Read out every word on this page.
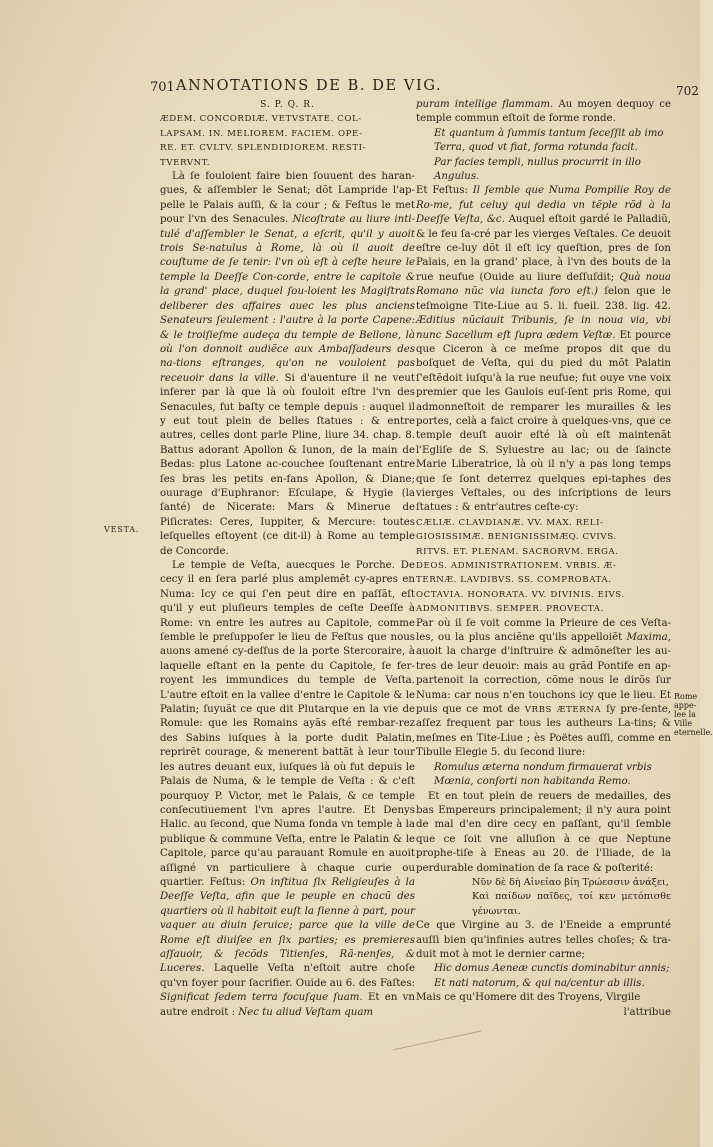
701 ANNOTATIONS DE B. DE VIG.	702

S. P. Q. R.

ÆDEM. CONCORDIÆ. VETVSTATE. COL-

LAPSAM. IN. MELIOREM. FACIEM. OPE-

RE. ET. CVLTV. SPLENDIDIOREM. RESTI-

TVERVNT.

Là ſe fouloient faire bien ſouuent des haran-gues, & aſſembler le Senat; dõt Lampride l'ap-pelle le Palais auſſi, & la cour ; & Feſtus le met pour l'vn des Senacules. Nicoſtrate au liure inti-tulé d'aſſembler le Senat, a eſcrit, qu'il y auoit trois Se-natulus à Rome, là où il auoit de couſtume de ſe tenir: l'vn où eſt à ceſte heure le temple la Deeſſe Con-corde, entre le capitole & la grand' place, duquel ſou-loient les Magiſtrats deliberer des affaires auec les plus anciens Senateurs ſeulement : l'autre à la porte Capene: & le troiſieſme audeça du temple de Bellone, là où l'on donnoit audiẽce aux Ambaſſadeurs des na-tions eſtranges, qu'on ne vouloient pas receuoir dans la ville. Si d'auenture il ne veut inferer par là que là où fouloit eſtre l'vn des Senacules, fut baſty ce temple depuis : auquel il y eut tout plein de belles ſtatues : & entre autres, celles dont parle Pline, liure 34. chap. 8. Battus adorant Apollon & Iunon, de la main de Bedas: plus Latone ac-couchee ſouſtenant entre ſes bras les petits en-fans Apollon, & Diane; ouurage d'Euphranor: Eſculape, & Hygie (la ſanté) de Nicerate: Mars & Minerue de Piſicrates: Ceres, Iuppiter, & Mercure: toutes leſquelles eſtoyent (ce dit-il) à Rome au temple de Concorde.

Le temple de Veſta, auecques le Porche. De cecy il en ſera parlé plus amplemẽt cy-apres en Numa: Icy ce qui ſ'en peut dire en paſſãt, eſt qu'il y eut pluſieurs temples de ceſte Deeſſe à Rome: vn entre les autres au Capitole, comme ſemble le preſuppoſer le lieu de Feſtus que nous auons amené cy-deſſus de la porte Stercoraire, à laquelle eſtant en la pente du Capitole, ſe fer-royent les immundices du temple de Veſta. L'autre eſtoit en la vallee d'entre le Capitole & le Palatin; ſuyuãt ce que dit Plutarque en la vie de Romule: que les Romains ayãs eſté rembar-rez des Sabins iuſques à la porte dudit Palatin, reprirẽt courage, & menerent battãt à leur tour les autres deuant eux, iuſques là où fut depuis le Palais de Numa, & le temple de Veſta : & c'eſt pourquoy P. Victor, met le Palais, & ce temple conſecutiuement l'vn apres l'autre. Et Denys Halic. au ſecond, que Numa fonda vn temple à la publique & commune Veſta, entre le Palatin & le Capitole, parce qu'au parauant Romule en auoit aſſigné vn particuliere à chaque curie ou quartier. Feſtus: On inſtitua ſix Religieuſes à la Deeſſe Veſta, afin que le peuple en chacũ des quartiers où il habitoit euſt la ſienne à part, pour vaquer au diuin ſeruice; parce que la ville de Rome eſt diuiſee en ſix parties; es premieres aſſauoir, & ſecõds Titienſes, Rã-nenſes, & Luceres. Laquelle Veſta n'eſtoit autre choſe qu'vn foyer pour ſacrifier. Ouide au 6. des Faſtes: Significat ſedem terra focuſque ſuam. Et en vn autre endroit : Nec tu aliud Veſtam quam

puram intellige flammam. Au moyen dequoy ce temple commun eſtoit de forme ronde.

Et quantum à ſummis tantum ſeceſſit ab imo

Terra, quod vt fiat, forma rotunda facit.

Par facies templi, nullus procurrit in illo

Angulus.

Et Feſtus: Il ſemble que Numa Pompilie Roy de Ro-me, fut celuy qui dedia vn tẽple rõd à la Deeſſe Veſta, &c. Auquel eſtoit gardé le Palladiũ, & le feu ſa-cré par les vierges Veſtales. Ce deuoit eſtre ce-luy dõt il eſt icy queſtion, pres de ſon Palais, en la grand' place, à l'vn des bouts de la rue neufue (Ouide au liure deſſuſdit; Quà noua Romano nũc via iuncta foro eſt.) ſelon que le teſmoigne Tite-Liue au 5. li. fueil. 238. lig. 42. Æditius nũciauit Tribunis, ſe in noua via, vbi nunc Sacellum eſt ſupra ædem Veſtæ. Et pource que Ciceron à ce meſme propos dit que du boſquet de Veſta, qui du pied du mõt Palatin ſ'eſtẽdoit iuſqu'à la rue neufue; fut ouye vne voix premier que les Gaulois euſ-ſent pris Rome, qui admonneſtoit de remparer les murailles & les portes, celà a faict croire à quelques-vns, que ce temple deuſt auoir eſté là où eſt maintenãt l'Egliſe de S. Syluestre au lac; ou de ſaincte Marie Liberatrice, là où il n'y a pas long temps que ſe ſont deterrez quelques epi-taphes des vierges Veſtales, ou des inſcriptions de leurs ſtatues : & entr'autres ceſte-cy:

CÆLIÆ. CLAVDIANÆ. VV. MAX. RELI-

GIOSISSIMÆ. BENIGNISSIMÆQ. CVIVS.

RITVS. ET. PLENAM. SACRORVM. ERGA.

DEOS. ADMINISTRATIONEM. VRBIS. Æ-

TERNÆ. LAVDIBVS. SS. COMPROBATA.

OCTAVIA. HONORATA. VV. DIVINIS. EIVS.

ADMONITIBVS. SEMPER. PROVECTA.

Par où il ſe voit comme la Prieure de ces Veſta-les, ou la plus anciẽne qu'ils appelloiẽt Maxima, auoit la charge d'inſtruire & admõneſter les au-tres de leur deuoir: mais au grãd Pontife en ap-partenoit la correction, cõme nous le dirõs ſur Numa: car nous n'en touchons icy que le lieu. Et puis que ce mot de VRBS ÆTERNA ſy pre-ſente, aſſez frequent par tous les autheurs La-tins; & meſmes en Tite-Liue ; ès Poëtes auſſi, comme en Tibulle Elegie 5. du ſecond liure:

Romulus æterna nondum firmauerat vrbis

Mœnia, conſorti non habitanda Remo.

Et en tout plein de reuers de medailles, des bas Empereurs principalement; il n'y aura point de mal d'en dire cecy en paſſant, qu'il ſemble que ce ſoit vne alluſion à ce que Neptune prophe-tiſe à Eneas au 20. de l'Iliade, de la perdurable domination de ſa race & poſterité:

Νῦν δὲ δὴ Αἰνείαο βίη Τρώεσσιν ἀνάξει,

Καὶ παίδων παῖδες, τοί κεν μετόπισθε γένωνται.

Ce que Virgine au 3. de l'Eneide a emprunté auſſi bien qu'infinies autres telles choſes; & tra-duit mot à mot le dernier carme;

Hic domus Aeneæ cunctis dominabitur annis;

Et nati natorum, & qui na/centur ab illis.

Mais ce qu'Homere dit des Troyens, Virgile

l'attribue

VESTA.
Rome appe-lee la Ville eternelle.
